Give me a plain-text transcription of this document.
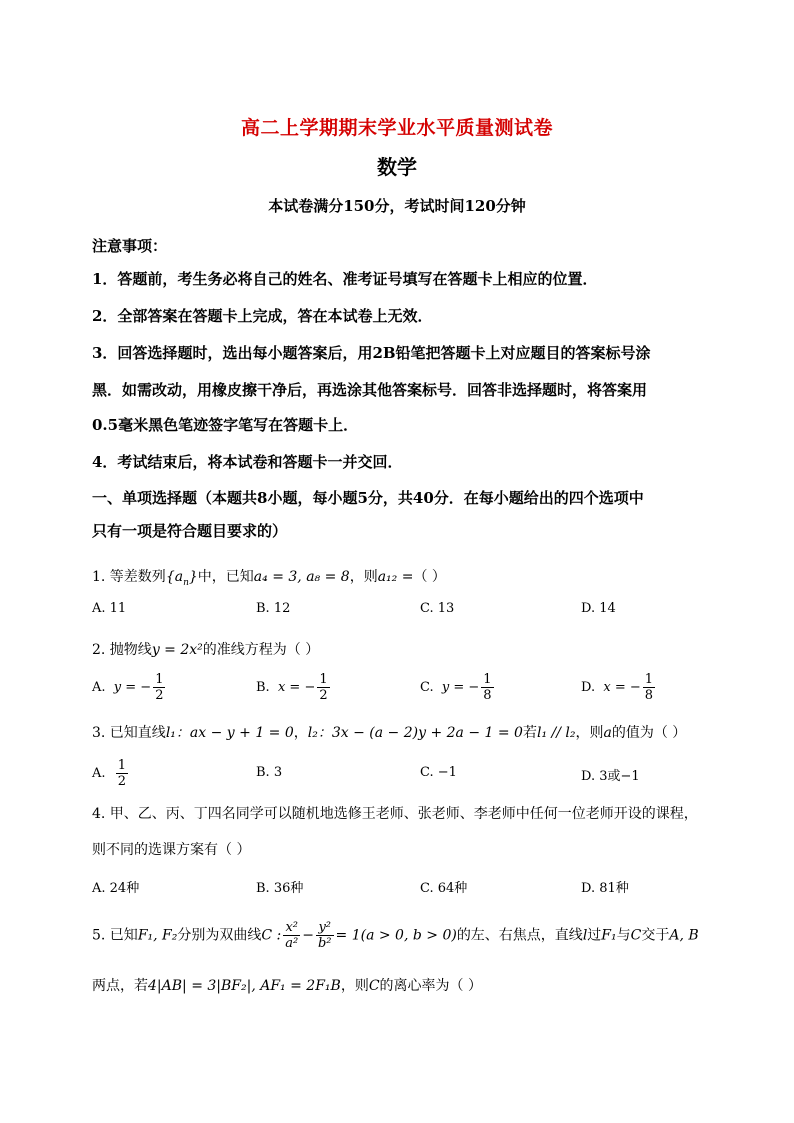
高二上学期期末学业水平质量测试卷
数学
本试卷满分150分，考试时间120分钟
注意事项：
1．答题前，考生务必将自己的姓名、准考证号填写在答题卡上相应的位置．
2．全部答案在答题卡上完成，答在本试卷上无效．
3．回答选择题时，选出每小题答案后，用2B铅笔把答题卡上对应题目的答案标号涂
黑．如需改动，用橡皮擦干净后，再选涂其他答案标号．回答非选择题时，将答案用
0.5毫米黑色笔迹签字笔写在答题卡上．
4．考试结束后，将本试卷和答题卡一并交回．
一、单项选择题（本题共8小题，每小题5分，共40分．在每小题给出的四个选项中
只有一项是符合题目要求的）
1. 等差数列$\{a_n\}$中，已知a₄ = 3, a₈ = 8，则a₁₂ =（ ）
A. 11	B. 12	C. 13	D. 14
2. 抛物线y = 2x²的准线方程为（ ）
A. y = − $\frac{1}{2}$	B. x = − $\frac{1}{2}$	C. y = − $\frac{1}{8}$	D. x = − $\frac{1}{8}$
3. 已知直线l₁：ax − y + 1 = 0，l₂：3x − (a − 2)y + 2a − 1 = 0若l₁ // l₂，则a的值为（ ）
A. $\frac{1}{2}$	B. 3	C. −1	D. 3或−1
4. 甲、乙、丙、丁四名同学可以随机地选修王老师、张老师、李老师中任何一位老师开设的课程，
则不同的选课方案有（ ）
A. 24种	B. 36种	C. 64种	D. 81种
5. 已知F₁, F₂分别为双曲线C : $\frac{\text{x²}}{\text{a²}} - \frac{\text{y²}}{\text{b²}} = 1(a > 0$, b > 0)的左、右焦点，直线l过F₁与C交于A, B
两点，若4|AB| = 3|BF₂|, AF₁ = 2F₁B，则C的离心率为（ ）
